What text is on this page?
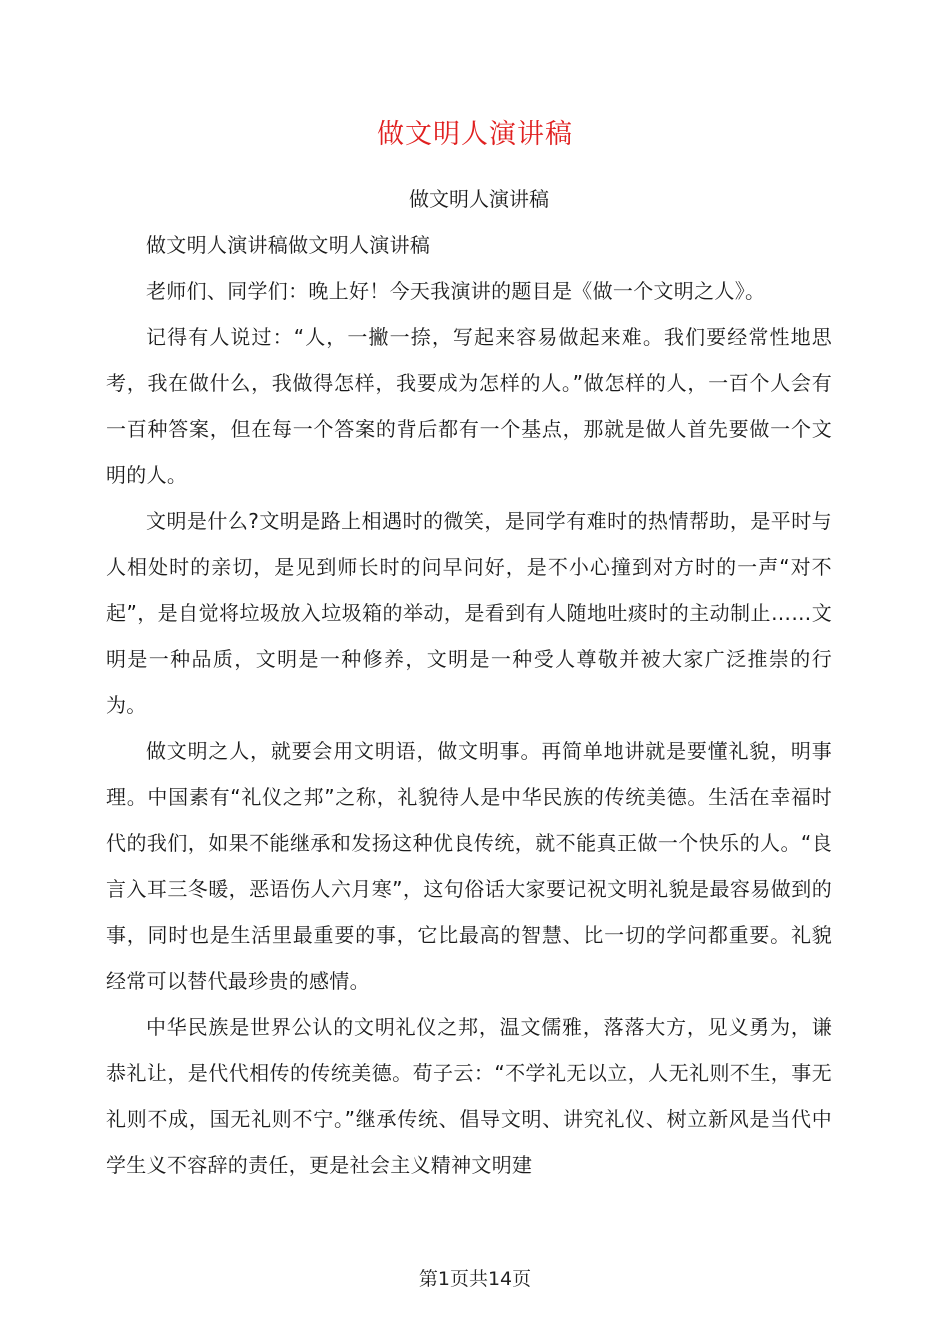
做文明人演讲稿

做文明人演讲稿

做文明人演讲稿做文明人演讲稿

老师们、同学们：晚上好！今天我演讲的题目是《做一个文明之人》。

记得有人说过：“人，一撇一捺，写起来容易做起来难。我们要经常性地思考，我在做什么，我做得怎样，我要成为怎样的人。”做怎样的人，一百个人会有一百种答案，但在每一个答案的背后都有一个基点，那就是做人首先要做一个文明的人。

文明是什么?文明是路上相遇时的微笑，是同学有难时的热情帮助，是平时与人相处时的亲切，是见到师长时的问早问好，是不小心撞到对方时的一声“对不起”，是自觉将垃圾放入垃圾箱的举动，是看到有人随地吐痰时的主动制止……文明是一种品质，文明是一种修养，文明是一种受人尊敬并被大家广泛推崇的行为。

做文明之人，就要会用文明语，做文明事。再简单地讲就是要懂礼貌，明事理。中国素有“礼仪之邦”之称，礼貌待人是中华民族的传统美德。生活在幸福时代的我们，如果不能继承和发扬这种优良传统，就不能真正做一个快乐的人。“良言入耳三冬暖，恶语伤人六月寒”，这句俗话大家要记祝文明礼貌是最容易做到的事，同时也是生活里最重要的事，它比最高的智慧、比一切的学问都重要。礼貌经常可以替代最珍贵的感情。

中华民族是世界公认的文明礼仪之邦，温文儒雅，落落大方，见义勇为，谦恭礼让，是代代相传的传统美德。荀子云：“不学礼无以立，人无礼则不生，事无礼则不成，国无礼则不宁。”继承传统、倡导文明、讲究礼仪、树立新风是当代中学生义不容辞的责任，更是社会主义精神文明建

第1页共14页
